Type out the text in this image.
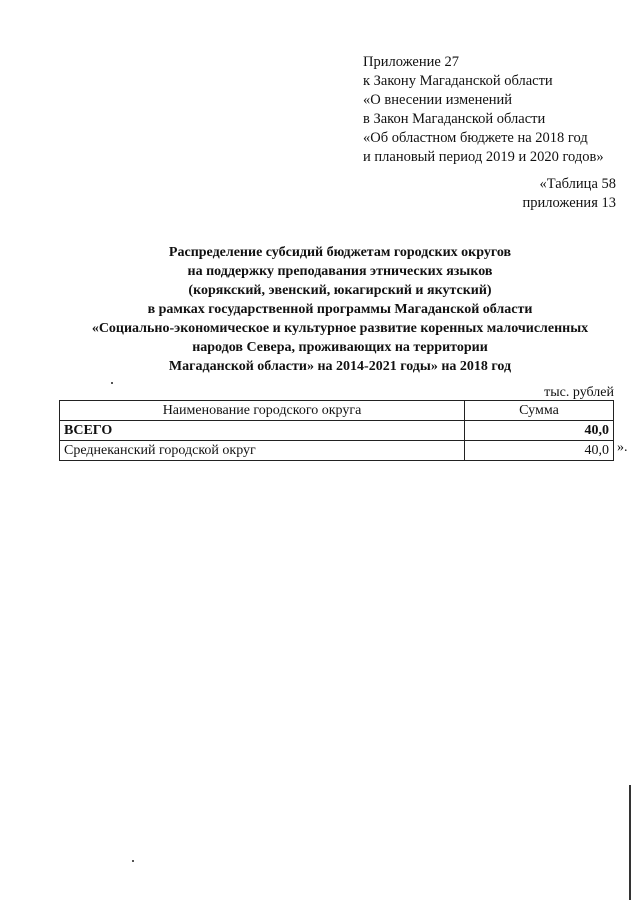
Приложение 27
к Закону Магаданской области
«О внесении изменений
в Закон Магаданской области
«Об областном бюджете на 2018 год
и плановый период 2019 и 2020 годов»
«Таблица 58
приложения 13
Распределение субсидий бюджетам городских округов
на поддержку преподавания этнических языков
(корякский, эвенский, юкагирский и якутский)
в рамках государственной программы Магаданской области
«Социально-экономическое и культурное развитие коренных малочисленных
народов Севера, проживающих на территории
Магаданской области» на 2014-2021 годы» на 2018 год
тыс. рублей
Наименование городского округа	Сумма
ВСЕГО	40,0
Среднеканский городской округ	40,0 ».
